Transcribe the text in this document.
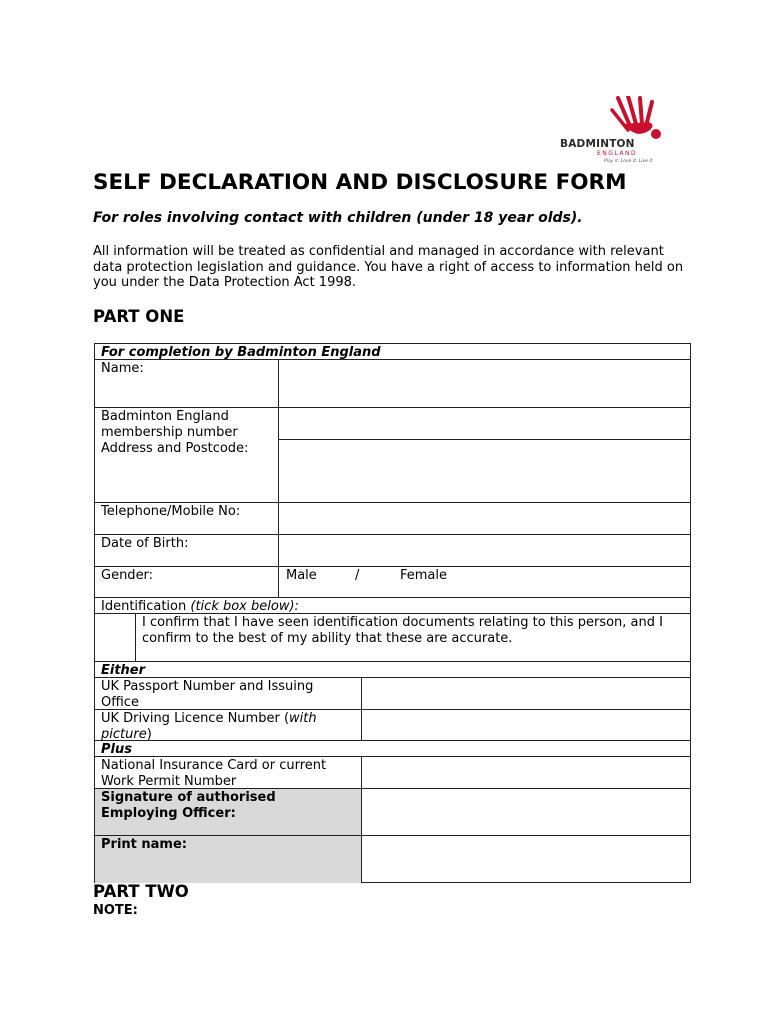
BADMINTON
ENGLAND
Play it. Love it. Live it.
SELF DECLARATION AND DISCLOSURE FORM
For roles involving contact with children (under 18 year olds).
All information will be treated as confidential and managed in accordance with relevant data protection legislation and guidance. You have a right of access to information held on you under the Data Protection Act 1998.
PART ONE
For completion by Badminton England
Name:
Badminton England membership number
Address and Postcode:
Telephone/Mobile No:
Date of Birth:
Gender:	Male	/	Female
Identification (tick box below):
I confirm that I have seen identification documents relating to this person, and I confirm to the best of my ability that these are accurate.
Either
UK Passport Number and Issuing Office
UK Driving Licence Number (with picture)
Plus
National Insurance Card or current Work Permit Number
Signature of authorised Employing Officer:
Print name:
PART TWO
NOTE:
